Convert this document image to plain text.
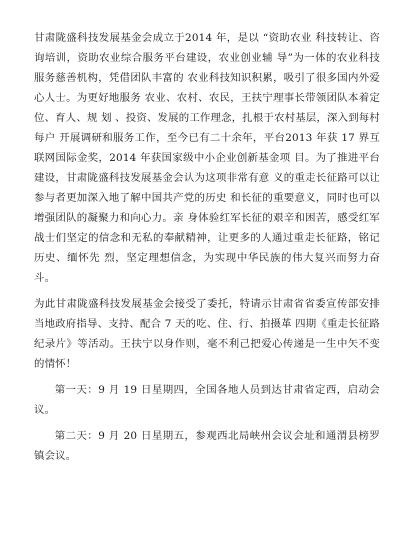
甘肃陇盛科技发展基金会成立于2014 年，是以 “资助农业 科技转让、咨询培训，资助农业综合服务平台建设，农业创业辅 导”为一体的农业科技服务慈善机构，凭借团队丰富的 农业科技知识积累，吸引了很多国内外爱心人士。为更好地服务 农业、农村、农民，王扶宁理事长带领团队本着定位、育人、规 划 、投资、发展的工作理念，扎根于农村基层，深入到每村每户 开展调研和服务工作，至今已有二十余年，平台2013 年获 17 界互联网国际金奖，2014 年获国家级中小企业创新基金项 目。为了推进平台建设，甘肃陇盛科技发展基金会认为这项非常有意 义的重走长征路可以让参与者更加深入地了解中国共产党的历史 和长征的重要意义，同时也可以增强团队的凝聚力和向心力。亲 身体验红军长征的艰辛和困苦，感受红军战士们坚定的信念和无私的奉献精神，让更多的人通过重走长征路，铭记历史、缅怀先 烈，坚定理想信念，为实现中华民族的伟大复兴而努力奋斗。

为此甘肃陇盛科技发展基金会接受了委托，特请示甘肃省省委宣传部安排当地政府指导、支持、配合 7 天的吃、住、行、拍摄革 四期《重走长征路纪录片》等活动。王扶宁以身作则，毫不利己把爱心传递是一生中矢不变的情怀！

第一天：9 月 19 日星期四，全国各地人员到达甘肃省定西，启动会议。

第二天：9 月 20 日星期五，参观西北局峡州会议会址和通渭县榜罗镇会议。
